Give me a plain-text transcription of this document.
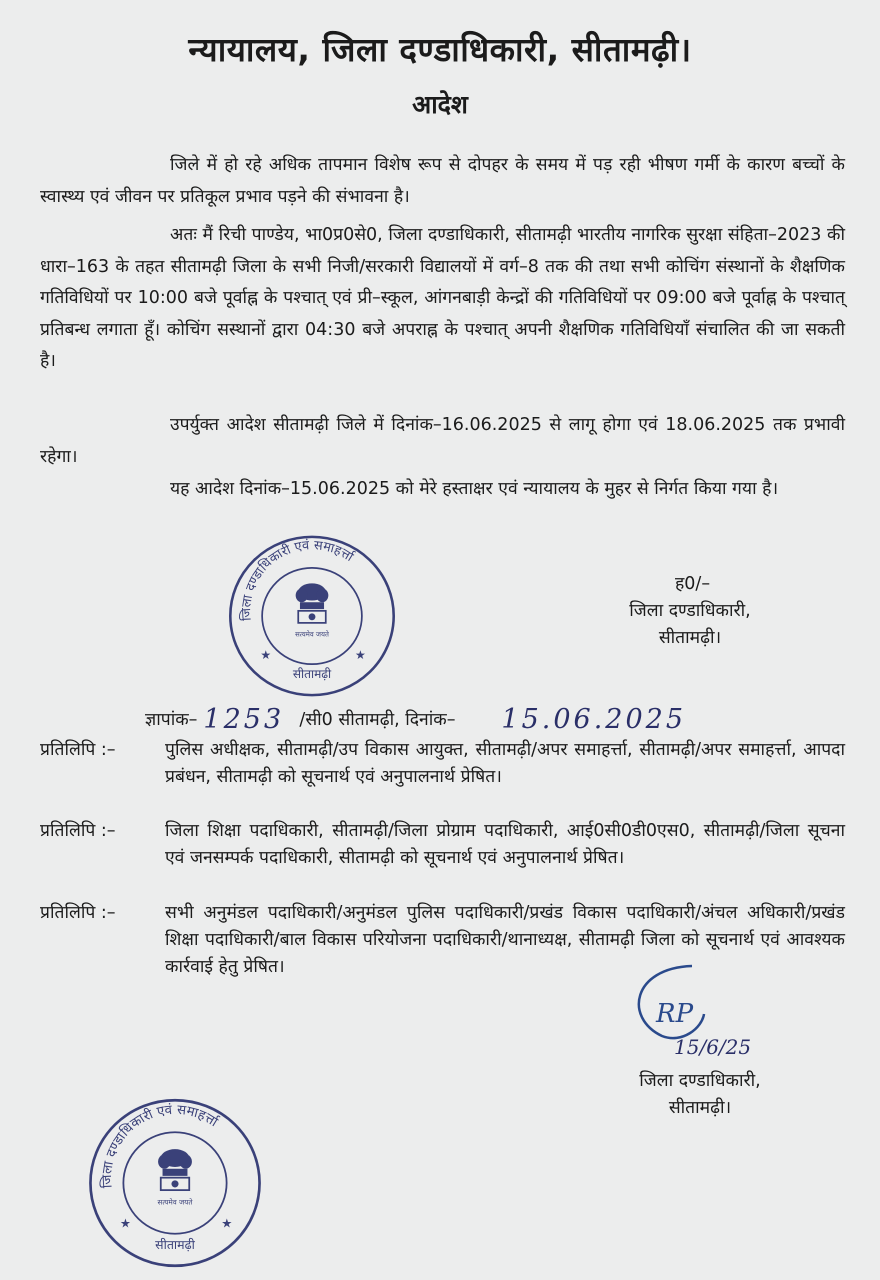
न्यायालय, जिला दण्डाधिकारी, सीतामढ़ी।
आदेश
जिले में हो रहे अधिक तापमान विशेष रूप से दोपहर के समय में पड़ रही भीषण गर्मी के कारण बच्चों के स्वास्थ्य एवं जीवन पर प्रतिकूल प्रभाव पड़ने की संभावना है।
अतः मैं रिची पाण्डेय, भा0प्र0से0, जिला दण्डाधिकारी, सीतामढ़ी भारतीय नागरिक सुरक्षा संहिता–2023 की धारा–163 के तहत सीतामढ़ी जिला के सभी निजी/सरकारी विद्यालयों में वर्ग–8 तक की तथा सभी कोचिंग संस्थानों के शैक्षणिक गतिविधियों पर 10:00 बजे पूर्वाह्न के पश्चात् एवं प्री–स्कूल, आंगनबाड़ी केन्द्रों की गतिविधियों पर 09:00 बजे पूर्वाह्न के पश्चात् प्रतिबन्ध लगाता हूँ। कोचिंग सस्थानों द्वारा 04:30 बजे अपराह्न के पश्चात् अपनी शैक्षणिक गतिविधियाँ संचालित की जा सकती है।
उपर्युक्त आदेश सीतामढ़ी जिले में दिनांक–16.06.2025 से लागू होगा एवं 18.06.2025 तक प्रभावी रहेगा।
यह आदेश दिनांक–15.06.2025 को मेरे हस्ताक्षर एवं न्यायालय के मुहर से निर्गत किया गया है।
जिला दण्डाधिकारी एवं समाहर्त्ता
सीतामढ़ी
★	★
सत्यमेव जयते
ह0/–
जिला दण्डाधिकारी,
सीतामढ़ी।
ज्ञापांक– 1253 /सी0 सीतामढ़ी, दिनांक– 15.06.2025
प्रतिलिपि :–	पुलिस अधीक्षक, सीतामढ़ी/उप विकास आयुक्त, सीतामढ़ी/अपर समाहर्त्ता, सीतामढ़ी/अपर समाहर्त्ता, आपदा प्रबंधन, सीतामढ़ी को सूचनार्थ एवं अनुपालनार्थ प्रेषित।
प्रतिलिपि :–	जिला शिक्षा पदाधिकारी, सीतामढ़ी/जिला प्रोग्राम पदाधिकारी, आई0सी0डी0एस0, सीतामढ़ी/जिला सूचना एवं जनसम्पर्क पदाधिकारी, सीतामढ़ी को सूचनार्थ एवं अनुपालनार्थ प्रेषित।
प्रतिलिपि :–	सभी अनुमंडल पदाधिकारी/अनुमंडल पुलिस पदाधिकारी/प्रखंड विकास पदाधिकारी/अंचल अधिकारी/प्रखंड शिक्षा पदाधिकारी/बाल विकास परियोजना पदाधिकारी/थानाध्यक्ष, सीतामढ़ी जिला को सूचनार्थ एवं आवश्यक कार्रवाई हेतु प्रेषित।
RP
15/6/25
जिला दण्डाधिकारी,
सीतामढ़ी।
जिला दण्डाधिकारी एवं समाहर्त्ता
सीतामढ़ी
★	★
सत्यमेव जयते
